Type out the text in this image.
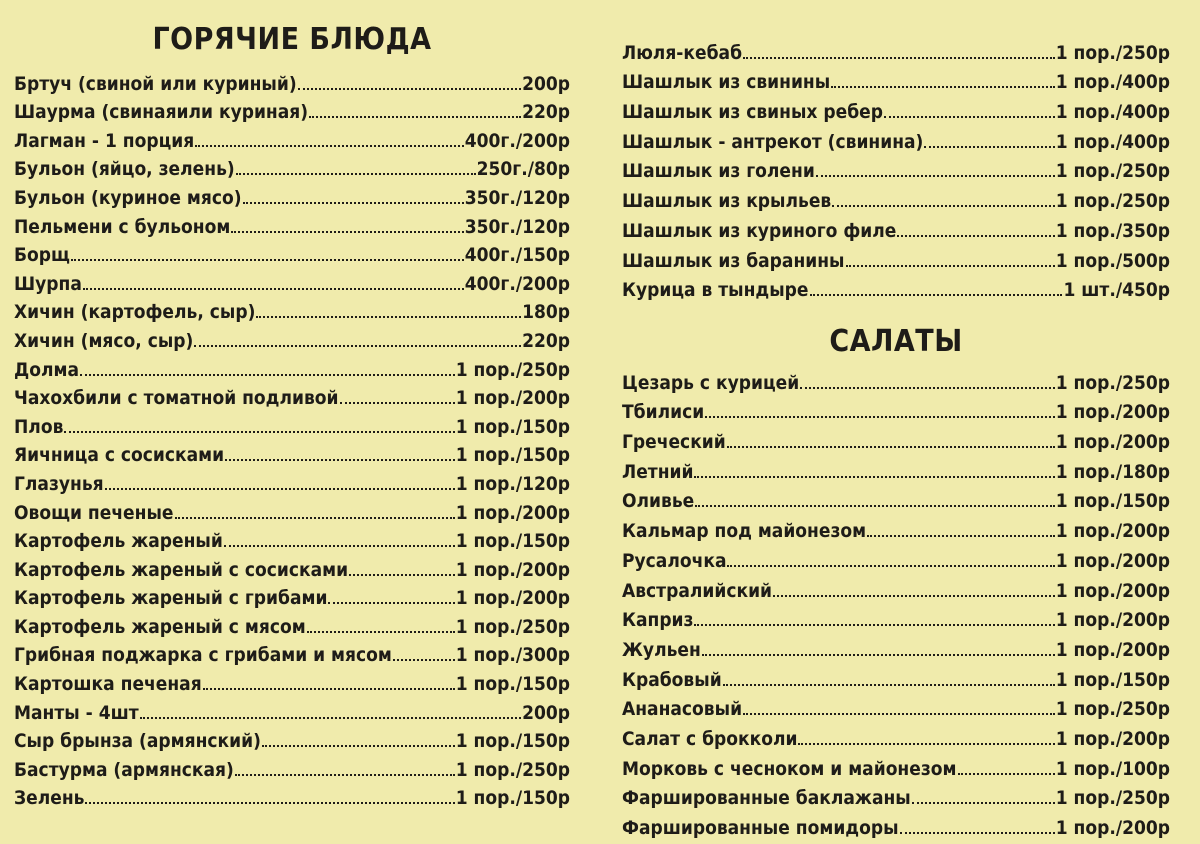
ГОРЯЧИЕ БЛЮДА
Бртуч (свиной или куриный)	200р
Шаурма (свинаяили куриная)	220р
Лагман - 1 порция	400г./200р
Бульон (яйцо, зелень)	250г./80р
Бульон (куриное мясо)	350г./120р
Пельмени с бульоном	350г./120р
Борщ	400г./150р
Шурпа	400г./200р
Хичин (картофель, сыр)	180р
Хичин (мясо, сыр)	220р
Долма	1 пор./250р
Чахохбили с томатной подливой	1 пор./200р
Плов	1 пор./150р
Яичница с сосисками	1 пор./150р
Глазунья	1 пор./120р
Овощи печеные	1 пор./200р
Картофель жареный	1 пор./150р
Картофель жареный с сосисками	1 пор./200р
Картофель жареный с грибами	1 пор./200р
Картофель жареный с мясом	1 пор./250р
Грибная поджарка с грибами и мясом	1 пор./300р
Картошка печеная	1 пор./150р
Манты - 4шт	200р
Сыр брынза (армянский)	1 пор./150р
Бастурма (армянская)	1 пор./250р
Зелень	1 пор./150р
Люля-кебаб	1 пор./250р
Шашлык из свинины	1 пор./400р
Шашлык из свиных ребер	1 пор./400р
Шашлык - антрекот (свинина)	1 пор./400р
Шашлык из голени	1 пор./250р
Шашлык из крыльев	1 пор./250р
Шашлык из куриного филе	1 пор./350р
Шашлык из баранины	1 пор./500р
Курица в тындыре	1 шт./450р
САЛАТЫ
Цезарь с курицей	1 пор./250р
Тбилиси	1 пор./200р
Греческий	1 пор./200р
Летний	1 пор./180р
Оливье	1 пор./150р
Кальмар под майонезом	1 пор./200р
Русалочка	1 пор./200р
Австралийский	1 пор./200р
Каприз	1 пор./200р
Жульен	1 пор./200р
Крабовый	1 пор./150р
Ананасовый	1 пор./250р
Салат с брокколи	1 пор./200р
Морковь с чесноком и майонезом	1 пор./100р
Фаршированные баклажаны	1 пор./250р
Фаршированные помидоры	1 пор./200р
